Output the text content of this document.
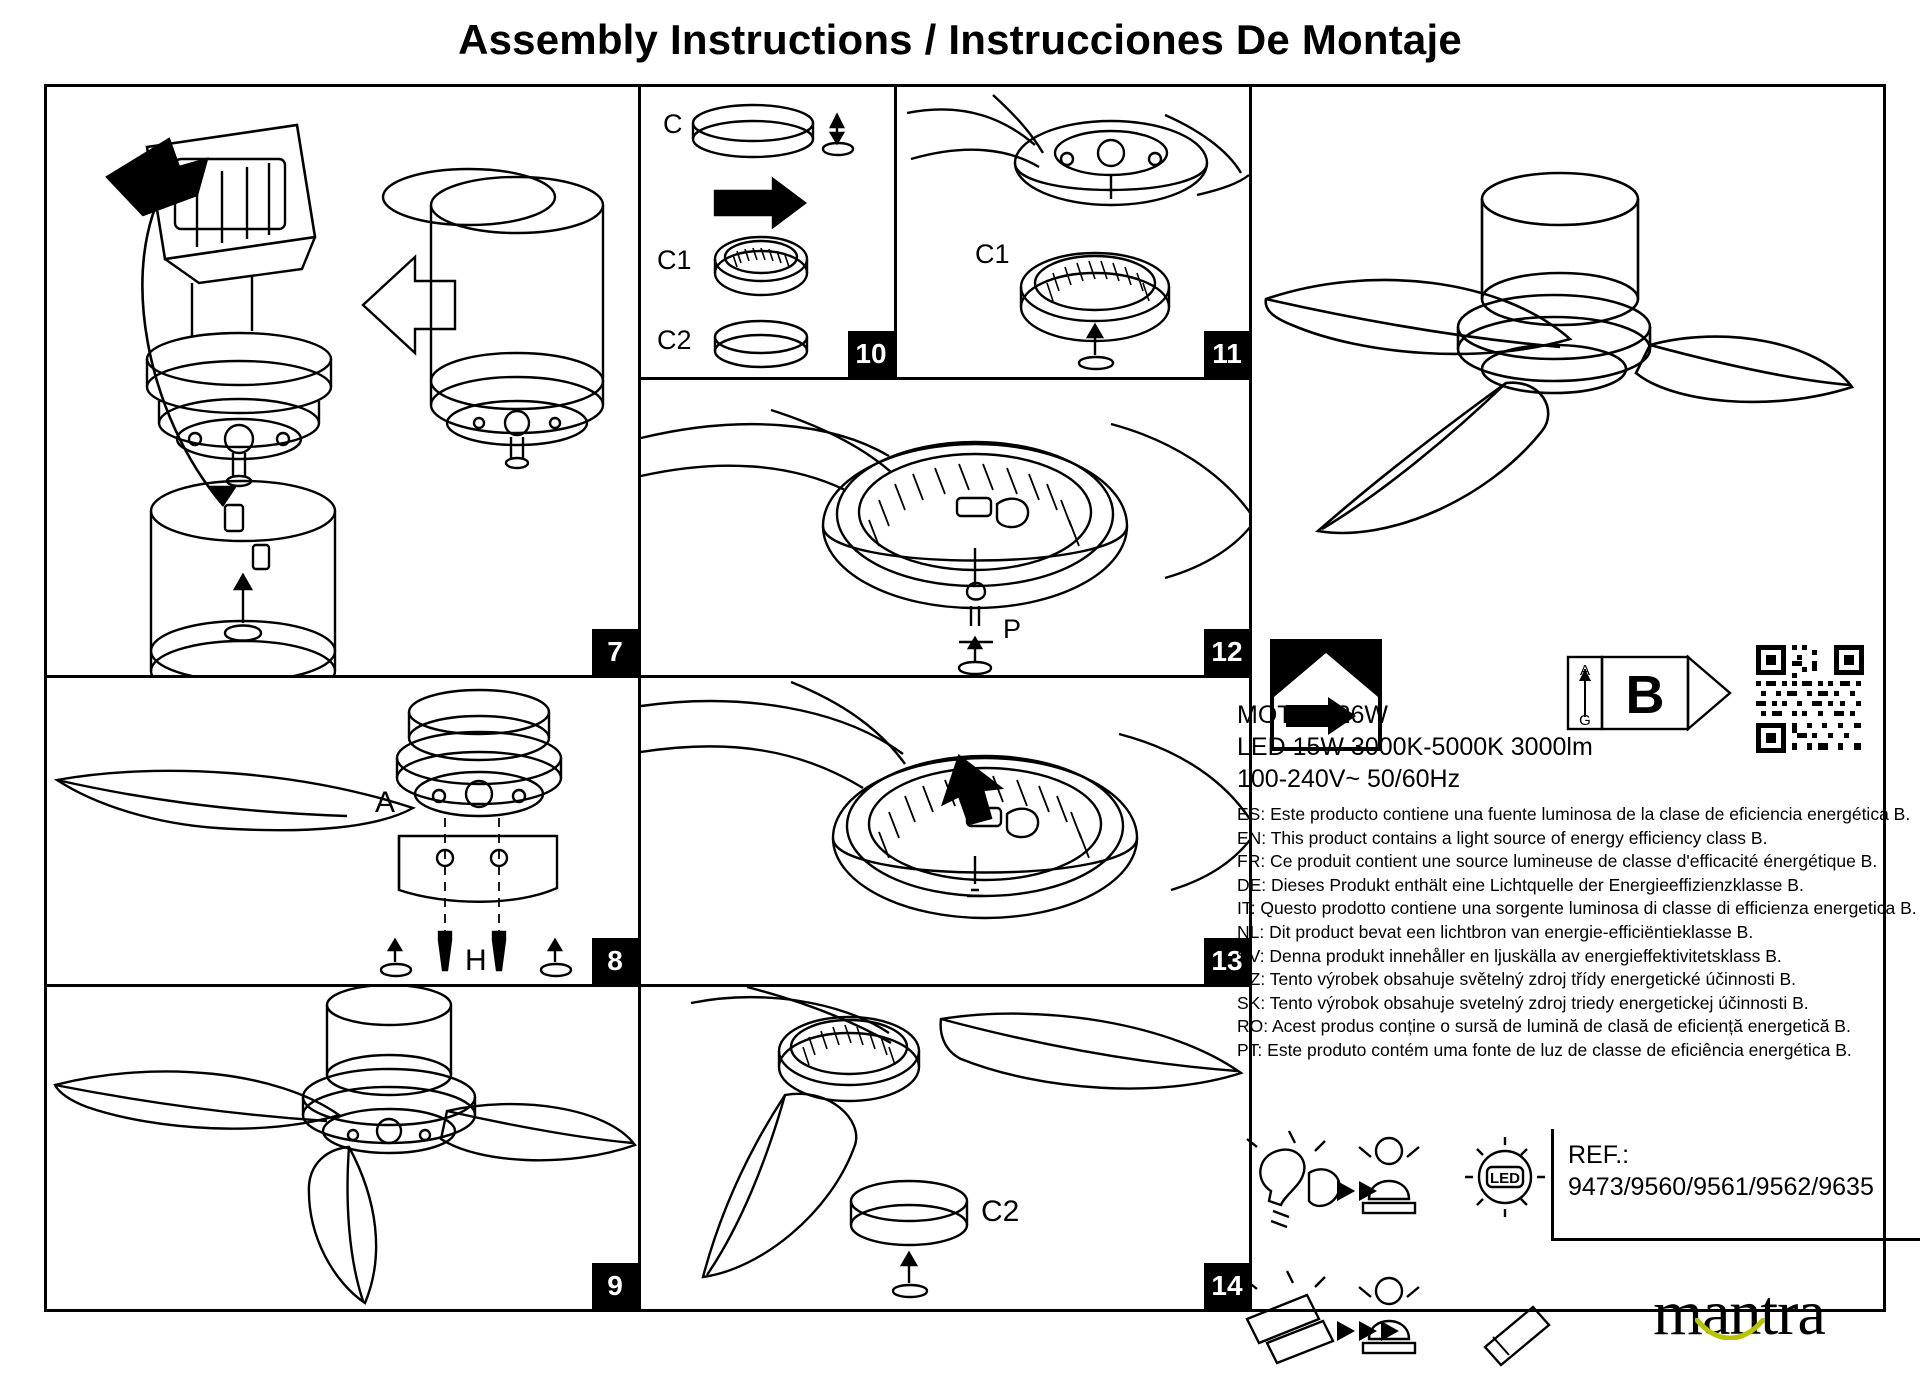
Assembly Instructions / Instrucciones De Montaje
7
C
C1
C2	10
C1
11
P
12
A
H	8	13
9
C2
14
B
A
G
MOTOR 26W
LED 15W 3000K-5000K 3000lm
100-240V~ 50/60Hz
ES: Este producto contiene una fuente luminosa de la clase de eficiencia energética B.
EN: This product contains a light source of energy efficiency class B.
FR: Ce produit contient une source lumineuse de classe d'efficacité énergétique B.
DE: Dieses Produkt enthält eine Lichtquelle der Energieeffizienzklasse B.
IT: Questo prodotto contiene una sorgente luminosa di classe di efficienza energetica B.
NL: Dit product bevat een lichtbron van energie-efficiëntieklasse B.
SV: Denna produkt innehåller en ljuskälla av energieffektivitetsklass B.
CZ: Tento výrobek obsahuje světelný zdroj třídy energetické účinnosti B.
SK: Tento výrobok obsahuje svetelný zdroj triedy energetickej účinnosti B.
RO: Acest produs conține o sursă de lumină de clasă de eficiență energetică B.
PT: Este produto contém uma fonte de luz de classe de eficiência energética B.
LED
REF.:
9473/9560/9561/9562/9635
mantra
